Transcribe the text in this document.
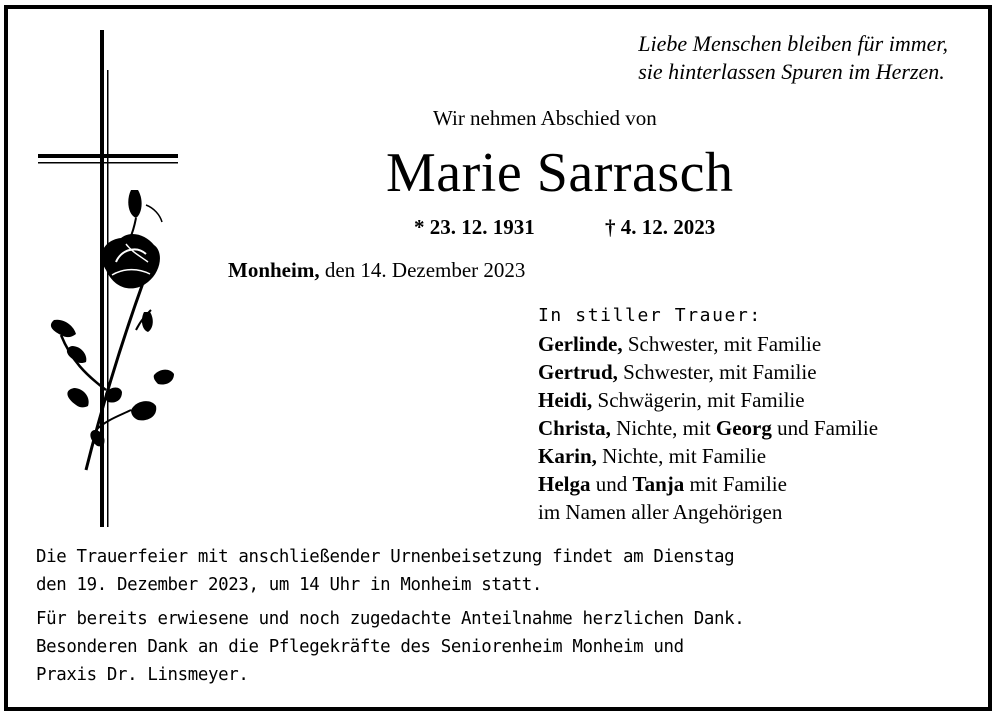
Liebe Menschen bleiben für immer,
sie hinterlassen Spuren im Herzen.
Wir nehmen Abschied von
Marie Sarrasch
* 23. 12. 1931	† 4. 12. 2023
Monheim, den 14. Dezember 2023
In stiller Trauer:
Gerlinde, Schwester, mit Familie
Gertrud, Schwester, mit Familie
Heidi, Schwägerin, mit Familie
Christa, Nichte, mit Georg und Familie
Karin, Nichte, mit Familie
Helga und Tanja mit Familie
im Namen aller Angehörigen
Die Trauerfeier mit anschließender Urnenbeisetzung findet am Dienstag
den 19. Dezember 2023, um 14 Uhr in Monheim statt.
Für bereits erwiesene und noch zugedachte Anteilnahme herzlichen Dank.
Besonderen Dank an die Pflegekräfte des Seniorenheim Monheim und
Praxis Dr. Linsmeyer.
